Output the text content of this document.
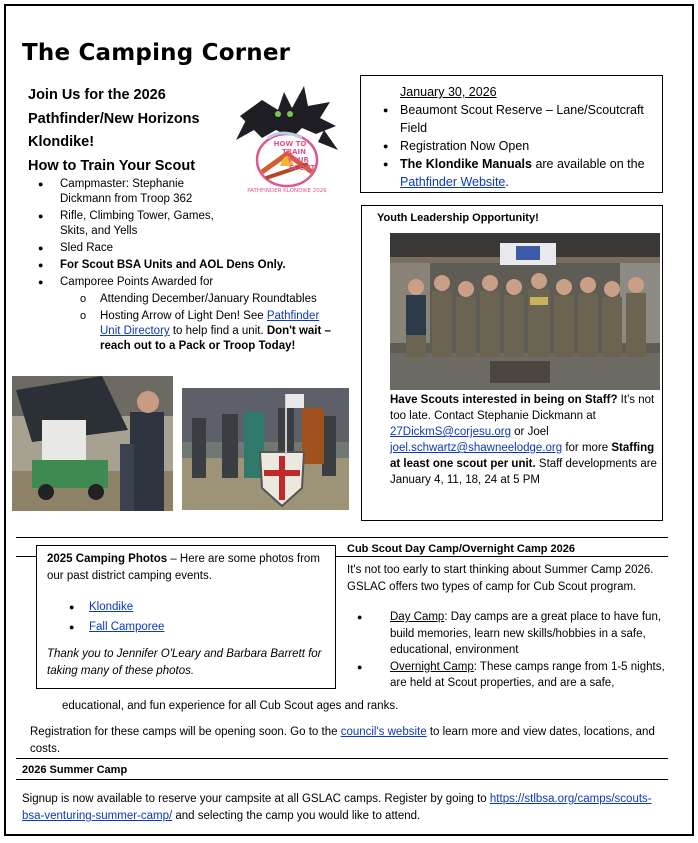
The Camping Corner
Join Us for the 2026
Pathfinder/New Horizons
Klondike!
How to Train Your Scout
● Campmaster: Stephanie Dickmann from Troop 362
● Rifle, Climbing Tower, Games, Skits, and Yells
● Sled Race
● For Scout BSA Units and AOL Dens Only.
● Camporee Points Awarded for
o Attending December/January Roundtables
o Hosting Arrow of Light Den! See Pathfinder Unit Directory to help find a unit. Don't wait – reach out to a Pack or Troop Today!
HOW TO
TRAIN
YOUR
SCOUT
PATHFINDER KLONDIKE 2026
January 30, 2026
● Beaumont Scout Reserve – Lane/Scoutcraft Field
● Registration Now Open
● The Klondike Manuals are available on the Pathfinder Website.
Youth Leadership Opportunity!
Have Scouts interested in being on Staff? It's not too late. Contact Stephanie Dickmann at 27DickmS@corjesu.org or Joel joel.schwartz@shawneelodge.org for more Staffing at least one scout per unit. Staff developments are January 4, 11, 18, 24 at 5 PM
2025 Camping Photos – Here are some photos from our past district camping events.
● Klondike
● Fall Camporee
Thank you to Jennifer O'Leary and Barbara Barrett for taking many of these photos.
Cub Scout Day Camp/Overnight Camp 2026
It's not too early to start thinking about Summer Camp 2026. GSLAC offers two types of camp for Cub Scout program.
● Day Camp: Day camps are a great place to have fun, build memories, learn new skills/hobbies in a safe, educational, environment
● Overnight Camp: These camps range from 1-5 nights, are held at Scout properties, and are a safe,
educational, and fun experience for all Cub Scout ages and ranks.
Registration for these camps will be opening soon. Go to the council's website to learn more and view dates, locations, and costs.
2026 Summer Camp
Signup is now available to reserve your campsite at all GSLAC camps. Register by going to https://stlbsa.org/camps/scouts-bsa-venturing-summer-camp/ and selecting the camp you would like to attend.
